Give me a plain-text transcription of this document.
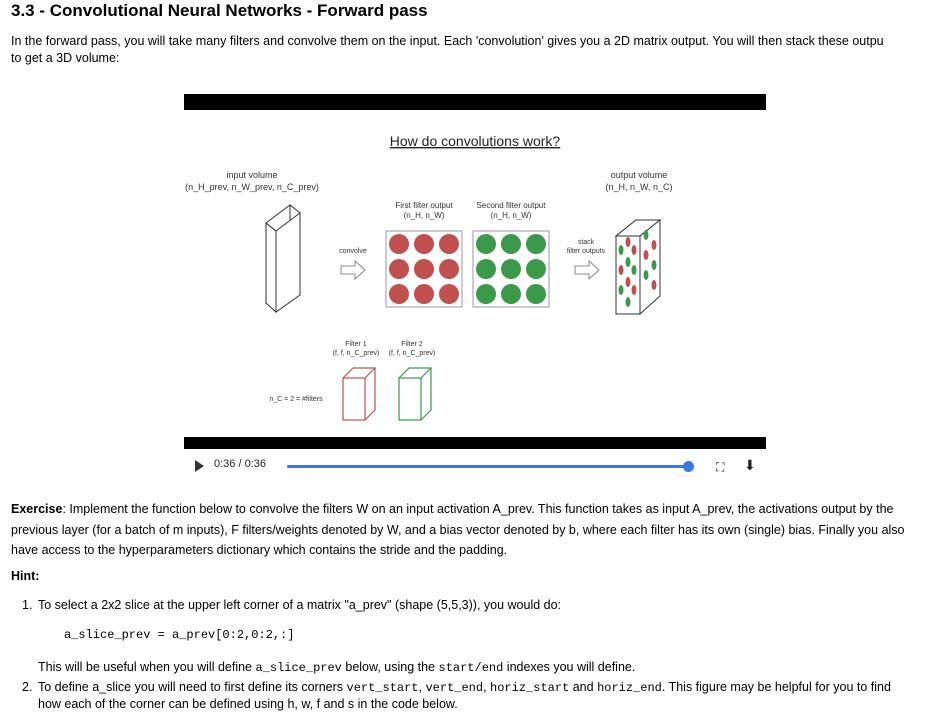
3.3 - Convolutional Neural Networks - Forward pass
In the forward pass, you will take many filters and convolve them on the input. Each 'convolution' gives you a 2D matrix output. You will then stack these outpu
to get a 3D volume:
How do convolutions work?
input volume
(n_H_prev, n_W_prev, n_C_prev)
First filter output
(n_H, n_W)
Second filter output
(n_H, n_W)
output volume
(n_H, n_W, n_C)
convolve
stack
filter outputs
Filter 1
(f, f, n_C_prev)
Filter 2
(f, f, n_C_prev)
n_C = 2 = #filters
0:36 / 0:36	⛶ ⬇
Exercise: Implement the function below to convolve the filters W on an input activation A_prev. This function takes as input A_prev, the activations output by the previous layer (for a batch of m inputs), F filters/weights denoted by W, and a bias vector denoted by b, where each filter has its own (single) bias. Finally you also have access to the hyperparameters dictionary which contains the stride and the padding.
Hint:
1. To select a 2x2 slice at the upper left corner of a matrix "a_prev" (shape (5,5,3)), you would do:
a_slice_prev = a_prev[0:2,0:2,:]
This will be useful when you will define a_slice_prev below, using the start/end indexes you will define.
2. To define a_slice you will need to first define its corners vert_start, vert_end, horiz_start and horiz_end. This figure may be helpful for you to find
how each of the corner can be defined using h, w, f and s in the code below.
